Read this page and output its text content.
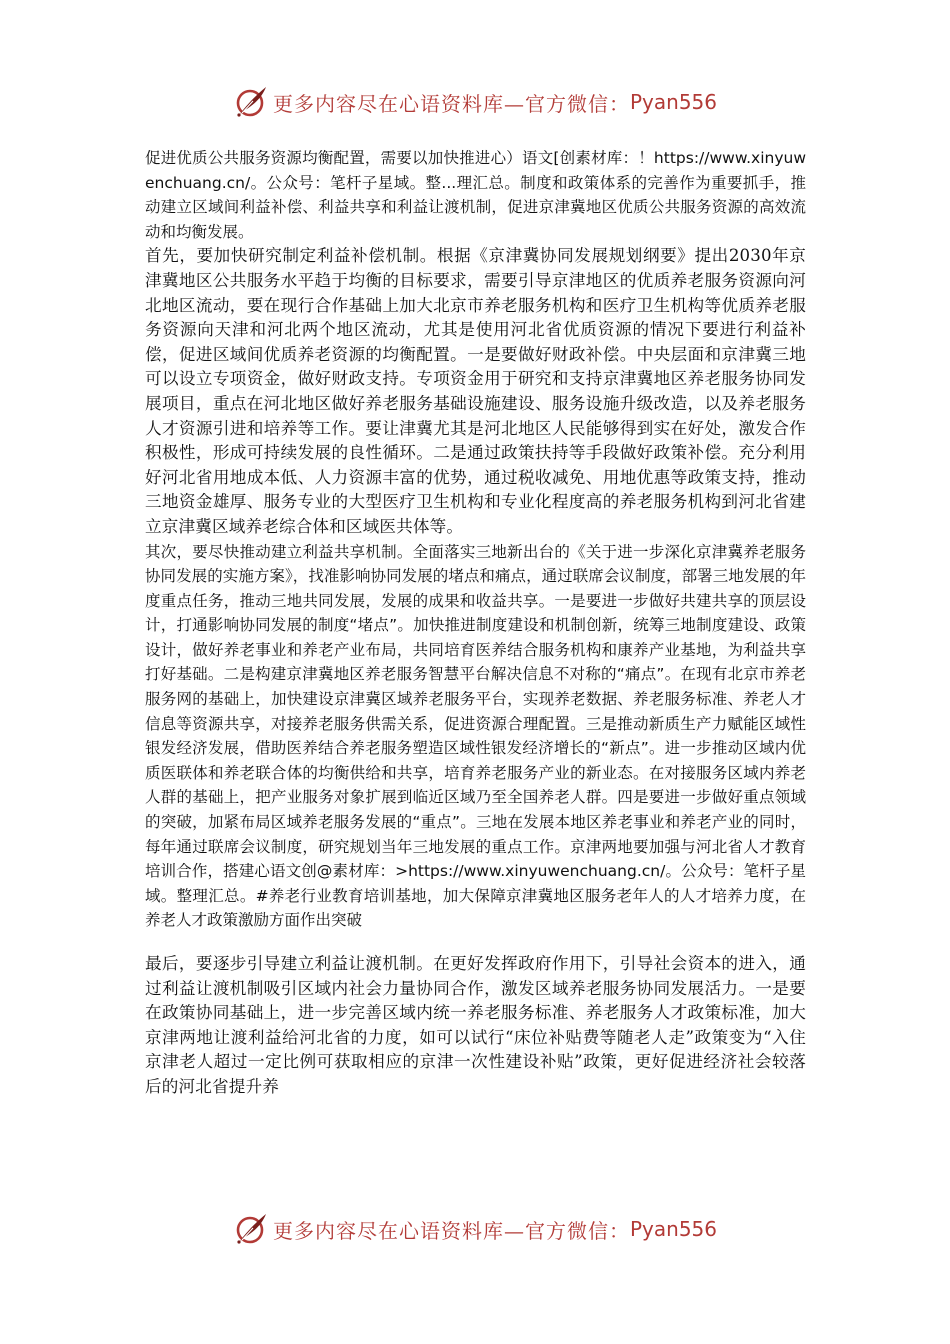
更多内容尽在心语资料库—官方微信： Pyan556

促进优质公共服务资源均衡配置，需要以加快推进心）语文[创素材库：！https://www.xinyuwenchuang.cn/。公众号：笔杆子星域。整...理汇总。制度和政策体系的完善作为重要抓手，推动建立区域间利益补偿、利益共享和利益让渡机制，促进京津冀地区优质公共服务资源的高效流动和均衡发展。

首先，要加快研究制定利益补偿机制。根据《京津冀协同发展规划纲要》提出2030年京津冀地区公共服务水平趋于均衡的目标要求，需要引导京津地区的优质养老服务资源向河北地区流动，要在现行合作基础上加大北京市养老服务机构和医疗卫生机构等优质养老服务资源向天津和河北两个地区流动，尤其是使用河北省优质资源的情况下要进行利益补偿，促进区域间优质养老资源的均衡配置。一是要做好财政补偿。中央层面和京津冀三地可以设立专项资金，做好财政支持。专项资金用于研究和支持京津冀地区养老服务协同发展项目，重点在河北地区做好养老服务基础设施建设、服务设施升级改造，以及养老服务人才资源引进和培养等工作。要让津冀尤其是河北地区人民能够得到实在好处，激发合作积极性，形成可持续发展的良性循环。二是通过政策扶持等手段做好政策补偿。充分利用好河北省用地成本低、人力资源丰富的优势，通过税收减免、用地优惠等政策支持，推动三地资金雄厚、服务专业的大型医疗卫生机构和专业化程度高的养老服务机构到河北省建立京津冀区域养老综合体和区域医共体等。

其次，要尽快推动建立利益共享机制。全面落实三地新出台的《关于进一步深化京津冀养老服务协同发展的实施方案》，找准影响协同发展的堵点和痛点，通过联席会议制度，部署三地发展的年度重点任务，推动三地共同发展，发展的成果和收益共享。一是要进一步做好共建共享的顶层设计，打通影响协同发展的制度“堵点”。加快推进制度建设和机制创新，统筹三地制度建设、政策设计，做好养老事业和养老产业布局，共同培育医养结合服务机构和康养产业基地，为利益共享打好基础。二是构建京津冀地区养老服务智慧平台解决信息不对称的“痛点”。在现有北京市养老服务网的基础上，加快建设京津冀区域养老服务平台，实现养老数据、养老服务标准、养老人才信息等资源共享，对接养老服务供需关系，促进资源合理配置。三是推动新质生产力赋能区域性银发经济发展，借助医养结合养老服务塑造区域性银发经济增长的“新点”。进一步推动区域内优质医联体和养老联合体的均衡供给和共享，培育养老服务产业的新业态。在对接服务区域内养老人群的基础上，把产业服务对象扩展到临近区域乃至全国养老人群。四是要进一步做好重点领域的突破，加紧布局区域养老服务发展的“重点”。三地在发展本地区养老事业和养老产业的同时，每年通过联席会议制度，研究规划当年三地发展的重点工作。京津两地要加强与河北省人才教育培训合作，搭建心语文创@素材库：>https://www.xinyuwenchuang.cn/。公众号：笔杆子星域。整理汇总。#养老行业教育培训基地，加大保障京津冀地区服务老年人的人才培养力度，在养老人才政策激励方面作出突破

最后，要逐步引导建立利益让渡机制。在更好发挥政府作用下，引导社会资本的进入，通过利益让渡机制吸引区域内社会力量协同合作，激发区域养老服务协同发展活力。一是要在政策协同基础上，进一步完善区域内统一养老服务标准、养老服务人才政策标准，加大京津两地让渡利益给河北省的力度，如可以试行“床位补贴费等随老人走”政策变为“入住京津老人超过一定比例可获取相应的京津一次性建设补贴”政策，更好促进经济社会较落后的河北省提升养

更多内容尽在心语资料库—官方微信： Pyan556
